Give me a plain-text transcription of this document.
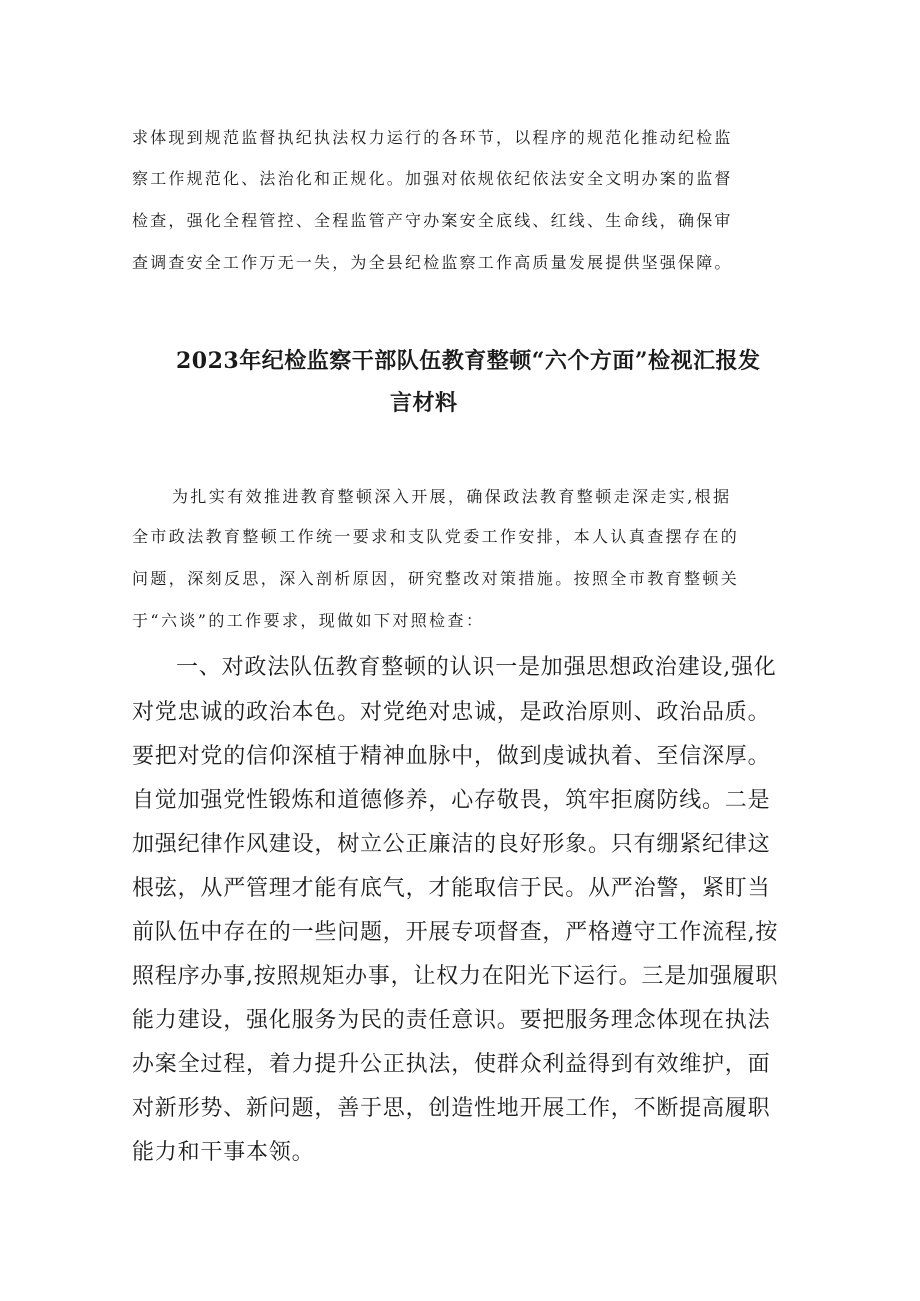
求体现到规范监督执纪执法权力运行的各环节，以程序的规范化推动纪检监
察工作规范化、法治化和正规化。加强对依规依纪依法安全文明办案的监督
检查，强化全程管控、全程监管产守办案安全底线、红线、生命线，确保审
查调查安全工作万无一失，为全县纪检监察工作高质量发展提供坚强保障。
2023年纪检监察干部队伍教育整顿“六个方面”检视汇报发
言材料
为扎实有效推进教育整顿深入开展，确保政法教育整顿走深走实,根据
全市政法教育整顿工作统一要求和支队党委工作安排，本人认真查摆存在的
问题，深刻反思，深入剖析原因，研究整改对策措施。按照全市教育整顿关
于“六谈”的工作要求，现做如下对照检查：
一、对政法队伍教育整顿的认识一是加强思想政治建设,强化
对党忠诚的政治本色。对党绝对忠诚，是政治原则、政治品质。
要把对党的信仰深植于精神血脉中，做到虔诚执着、至信深厚。
自觉加强党性锻炼和道德修养，心存敬畏，筑牢拒腐防线。二是
加强纪律作风建设，树立公正廉洁的良好形象。只有绷紧纪律这
根弦，从严管理才能有底气，才能取信于民。从严治警，紧盯当
前队伍中存在的一些问题，开展专项督查，严格遵守工作流程,按
照程序办事,按照规矩办事，让权力在阳光下运行。三是加强履职
能力建设，强化服务为民的责任意识。要把服务理念体现在执法
办案全过程，着力提升公正执法，使群众利益得到有效维护，面
对新形势、新问题，善于思，创造性地开展工作，不断提高履职
能力和干事本领。
